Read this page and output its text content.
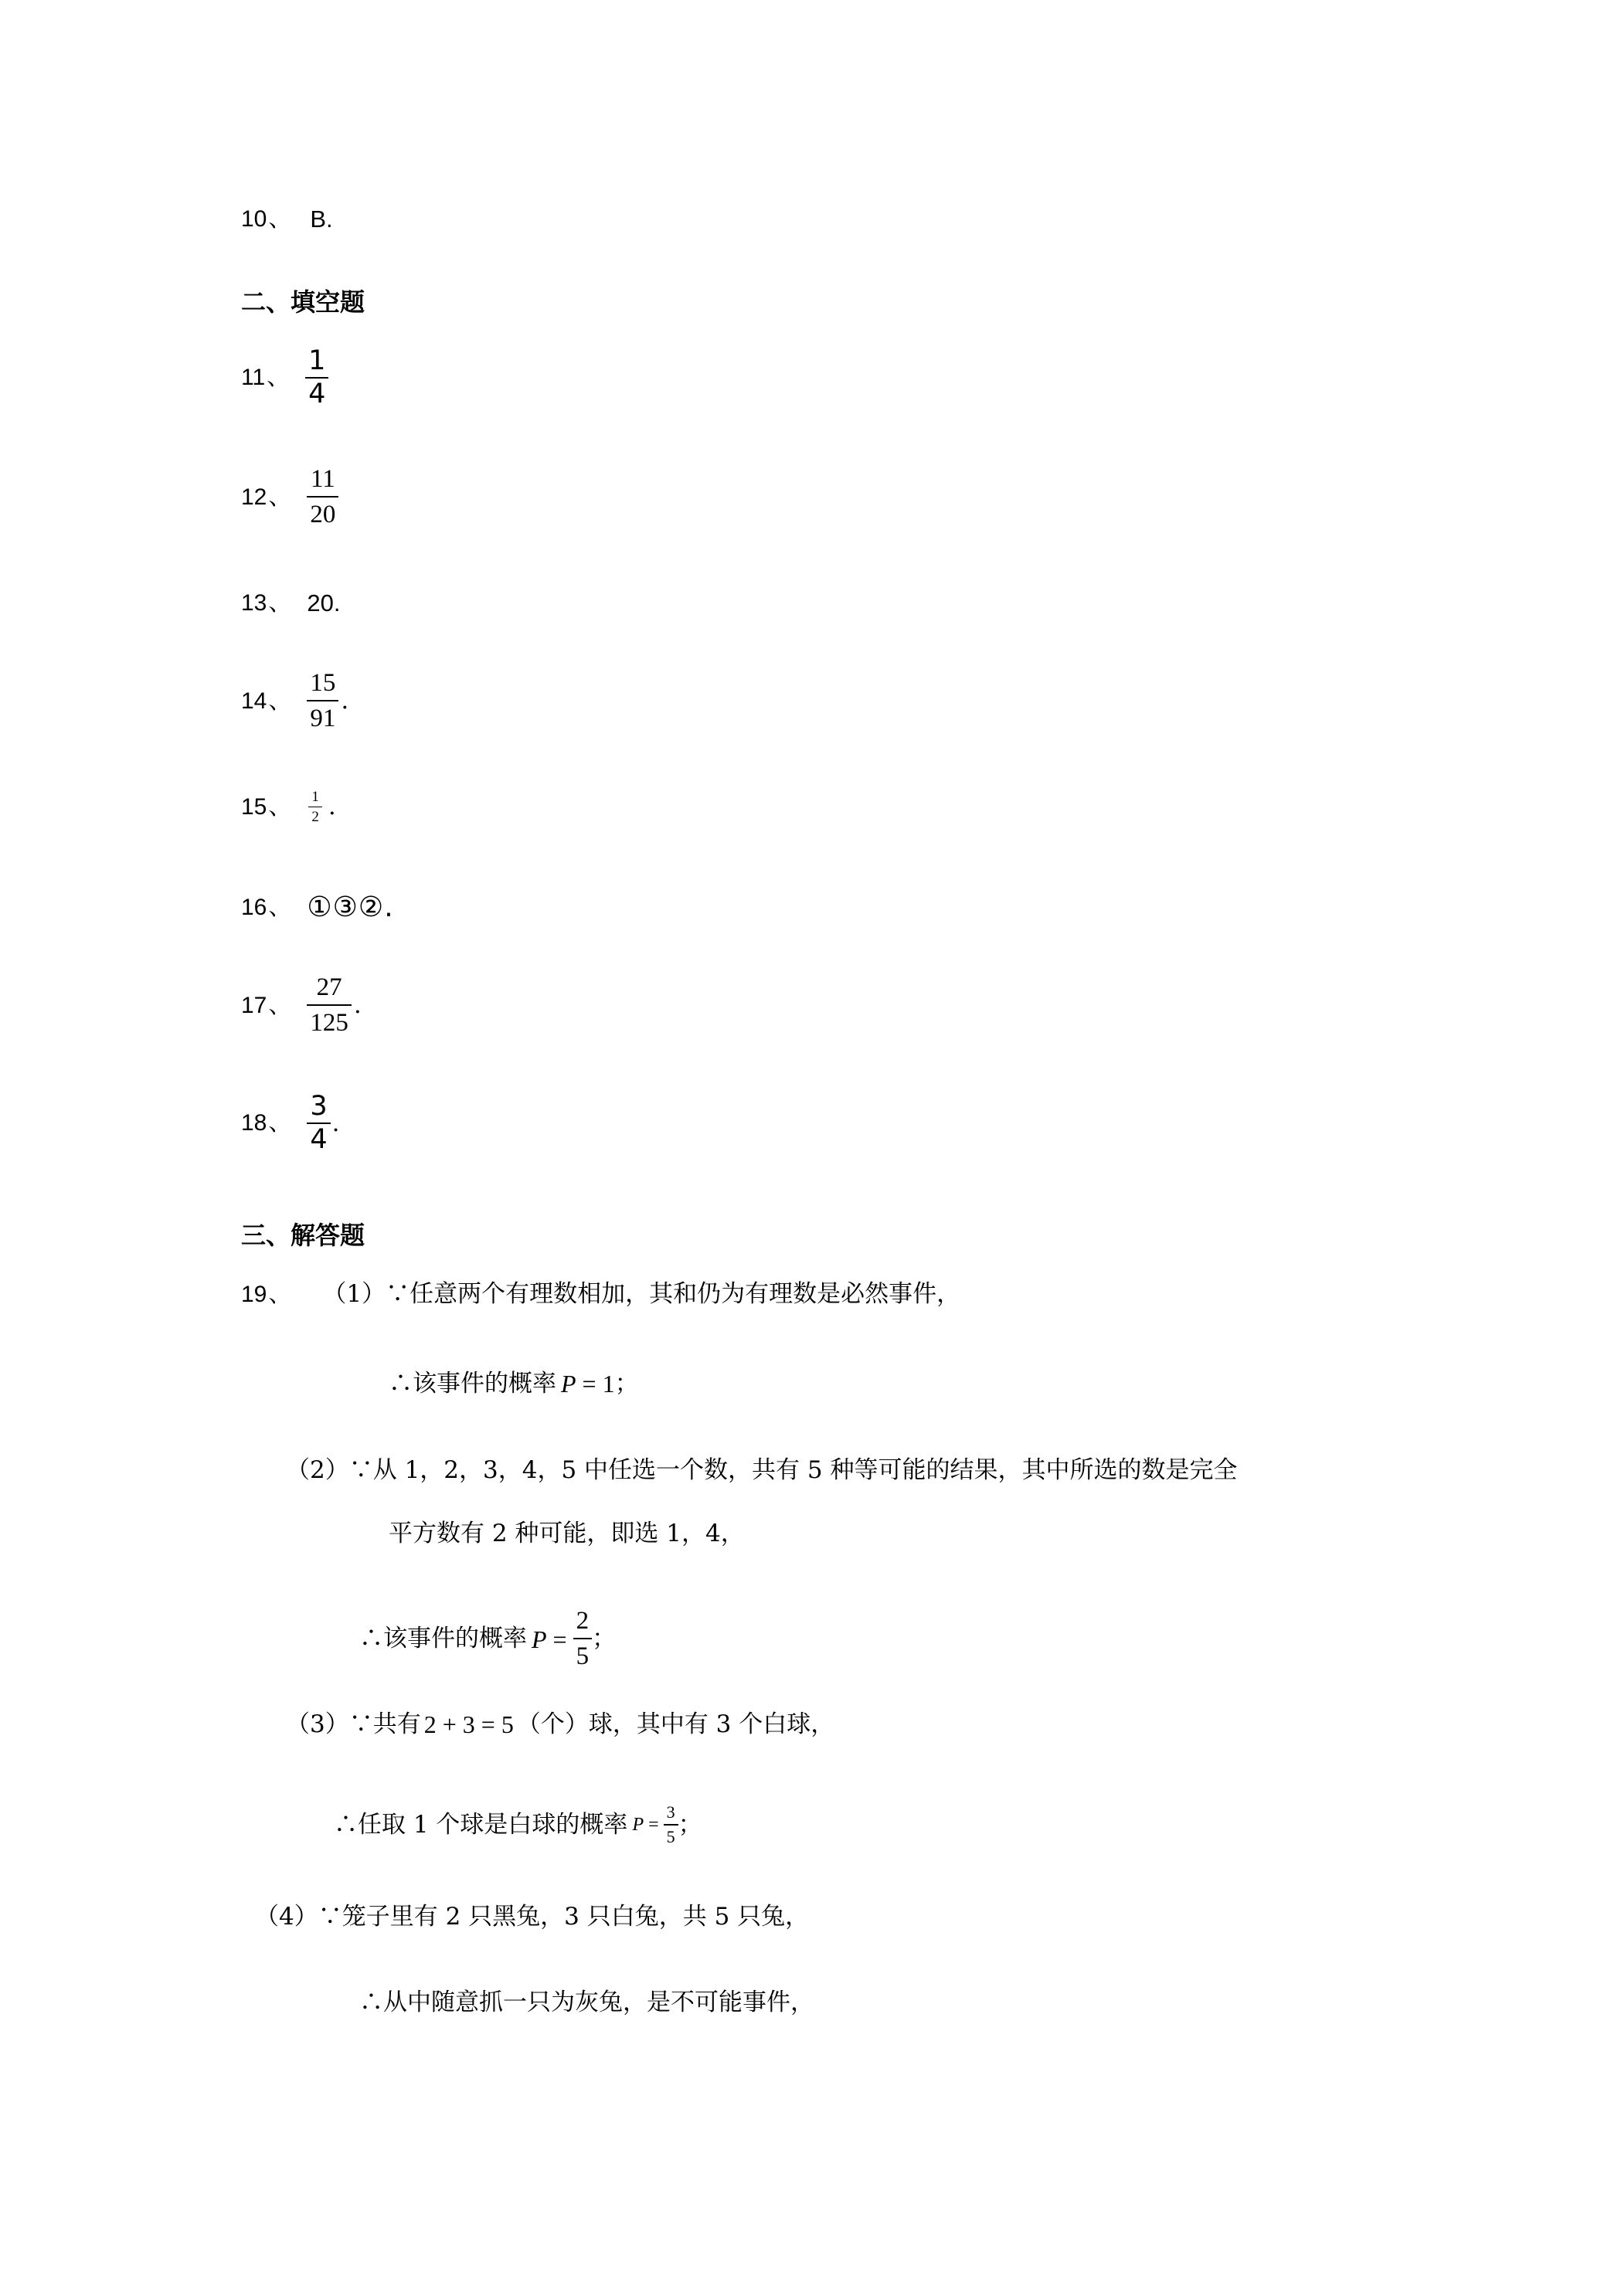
10 、 B.
二、填空题
11 、 $\frac{1}{4}$
12 、 $\frac{11}{20}$
13 、 20.
14 、 $\frac{15}{91}$ .
15 、 $\frac{1}{2}$ .
16 、 ①③②.
17 、 $\frac{27}{125}$ .
18 、 $\frac{3}{4}$ .
三、解答题
19 、 （1）∵任意两个有理数相加，其和仍为有理数是必然事件，
∴该事件的概率 P = 1 ；
（2）∵从 1，2，3，4，5 中任选一个数，共有 5 种等可能的结果，其中所选的数是完全
平方数有 2 种可能，即选 1，4，
∴该事件的概率 $P = \frac{2}{5}$ ；
（3）∵共有 2 + 3 = 5 （个）球，其中有 3 个白球，
∴任取 1 个球是白球的概率 $P = \frac{3}{5}$ ；
（4）∵笼子里有 2 只黑兔，3 只白兔，共 5 只兔，
∴从中随意抓一只为灰兔，是不可能事件，
